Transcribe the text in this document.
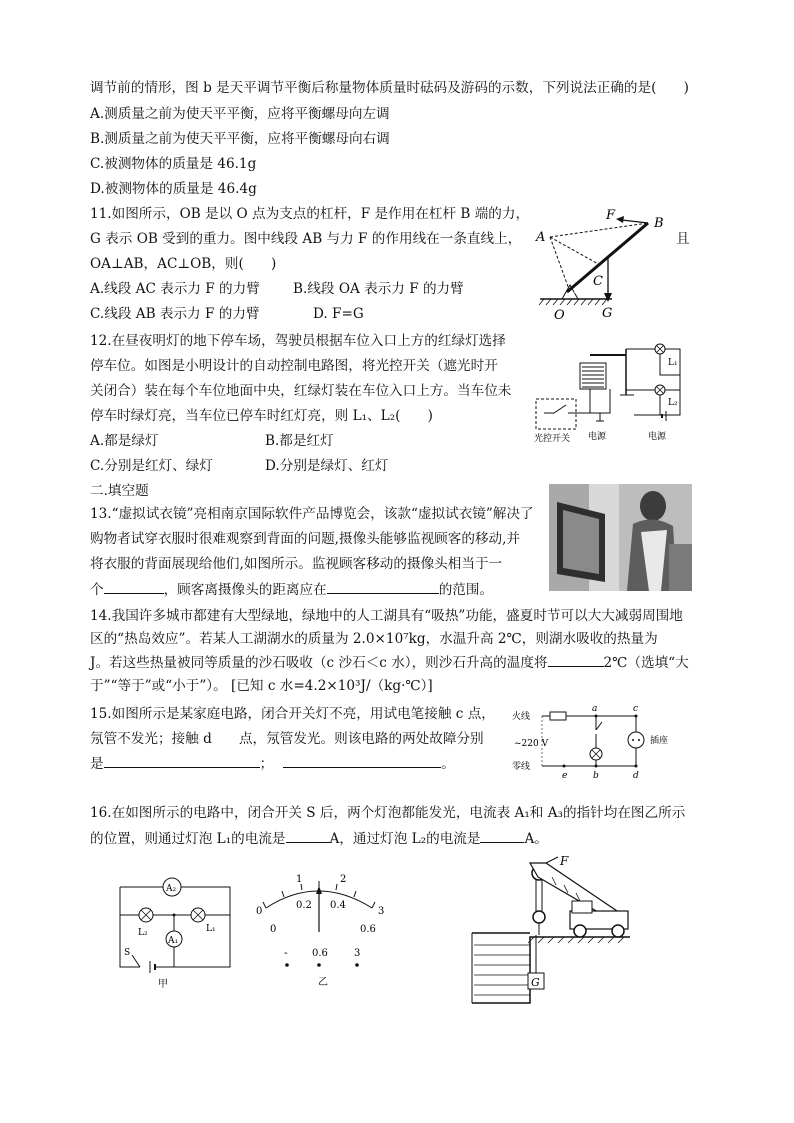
调节前的情形，图 b 是天平调节平衡后称量物体质量时砝码及游码的示数，下列说法正确的是(　　)
A.测质量之前为使天平平衡，应将平衡螺母向左调
B.测质量之前为使天平平衡，应将平衡螺母向右调
C.被测物体的质量是 46.1g
D.被测物体的质量是 46.4g
11.如图所示，OB 是以 O 点为支点的杠杆，F 是作用在杠杆 B 端的力，
G 表示 OB 受到的重力。图中线段 AB 与力 F 的作用线在一条直线上，	且
OA⊥AB，AC⊥OB，则(　　)
A.线段 AC 表示力 F 的力臂 B.线段 OA 表示力 F 的力臂
C.线段 AB 表示力 F 的力臂	D. F=G
F
B
A
C
O	G
12.在昼夜明灯的地下停车场，驾驶员根据车位入口上方的红绿灯选择
停车位。如图是小明设计的自动控制电路图，将光控开关（遮光时开
关闭合）装在每个车位地面中央，红绿灯装在车位入口上方。当车位未
停车时绿灯亮，当车位已停车时红灯亮，则 L₁、L₂(　　)
A.都是绿灯	B.都是红灯
C.分别是红灯、绿灯	D.分别是绿灯、红灯
L₁
L₂
光控开关 电源	电源
二.填空题
13.“虚拟试衣镜”亮相南京国际软件产品博览会，该款“虚拟试衣镜”解决了
购物者试穿衣服时很难观察到背面的问题,摄像头能够监视顾客的移动,并
将衣服的背面展现给他们,如图所示。监视顾客移动的摄像头相当于一
个	，顾客离摄像头的距离应在	的范围。
14.我国许多城市都建有大型绿地，绿地中的人工湖具有“吸热”功能，盛夏时节可以大大减弱周围地
区的“热岛效应”。若某人工湖湖水的质量为 2.0×10⁷kg，水温升高 2℃，则湖水吸收的热量为
J。若这些热量被同等质量的沙石吸收（c 沙石＜c 水），则沙石升高的温度将	2℃（选填“大
于”“等于”或“小于”）。 [已知 c 水=4.2×10³J/（kg·℃）]
15.如图所示是某家庭电路，闭合开关灯不亮，用试电笔接触 c 点，
氖管不发光；接触 d　　点，氖管发光。则该电路的两处故障分别
是	；	。
火线
~220 V
零线
插座
a	c
e	b	d
16.在如图所示的电路中，闭合开关 S 后，两个灯泡都能发光，电流表 A₁和 A₃的指针均在图乙所示
的位置，则通过灯泡 L₁的电流是	A，通过灯泡 L₂的电流是	A。
A₂
A₁
L₂	L₁
S
甲
0
1	2
3
0
0.2 0.4
0.6
- 0.6	3
乙
F
G
